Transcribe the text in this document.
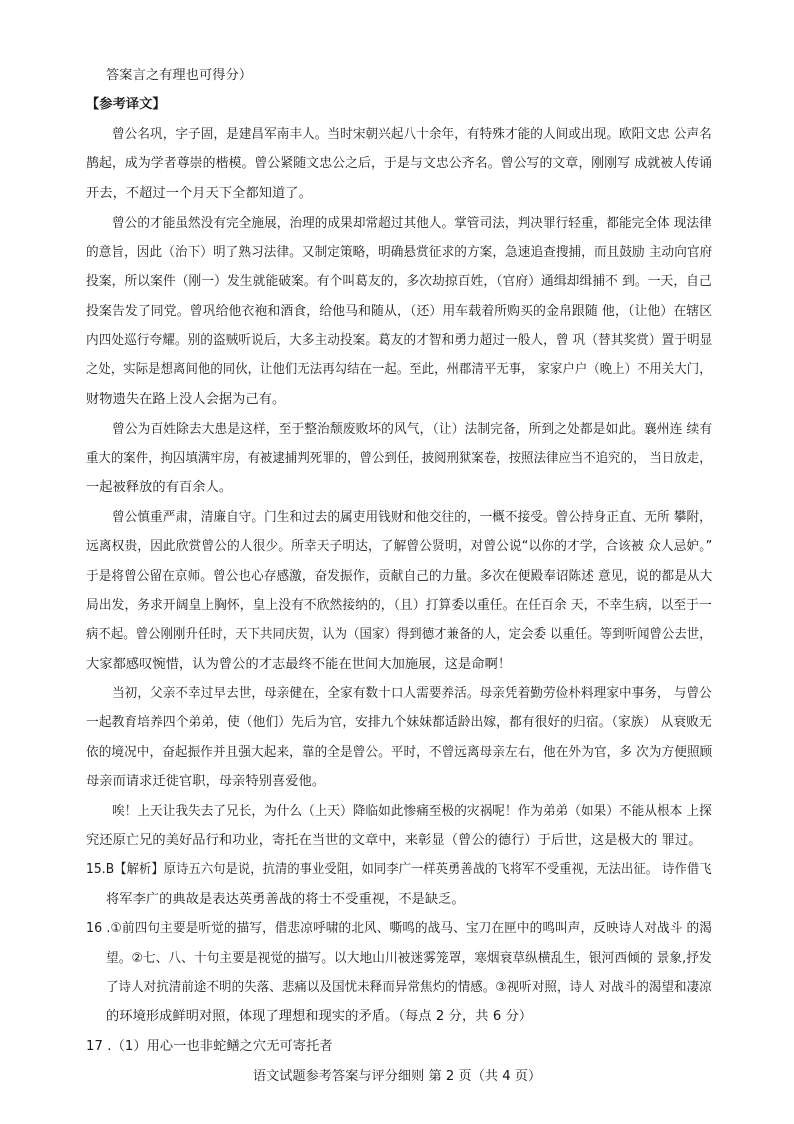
答案言之有理也可得分）
【参考译文】
曾公名巩，字子固，是建昌军南丰人。当时宋朝兴起八十余年，有特殊才能的人间或出现。欧阳文忠 公声名
鹊起，成为学者尊崇的楷模。曾公紧随文忠公之后，于是与文忠公齐名。曾公写的文章，刚刚写 成就被人传诵
开去，不超过一个月天下全都知道了。
曾公的才能虽然没有完全施展，治理的成果却常超过其他人。掌管司法，判决罪行轻重，都能完全体 现法律
的意旨，因此（治下）明了熟习法律。又制定策略，明确悬赏征求的方案，急速追查搜捕，而且鼓励 主动向官府
投案，所以案件（刚一）发生就能破案。有个叫葛友的，多次劫掠百姓，（官府）通缉却缉捕不 到。一天，自己
投案告发了同党。曾巩给他衣袍和酒食，给他马和随从，（还）用车载着所购买的金帛跟随 他，（让他）在辖区
内四处巡行夸耀。别的盗贼听说后，大多主动投案。葛友的才智和勇力超过一般人，曾 巩（替其奖赏）置于明显
之处，实际是想离间他的同伙，让他们无法再勾结在一起。至此，州郡清平无事， 家家户户（晚上）不用关大门，
财物遗失在路上没人会据为己有。
曾公为百姓除去大患是这样，至于整治颓废败坏的风气，（让）法制完备，所到之处都是如此。襄州连 续有
重大的案件，拘囚填满牢房，有被逮捕判死罪的，曾公到任，披阅刑狱案卷，按照法律应当不追究的， 当日放走，
一起被释放的有百余人。
曾公慎重严肃，清廉自守。门生和过去的属吏用钱财和他交往的，一概不接受。曾公持身正直、无所 攀附，
远离权贵，因此欣赏曾公的人很少。所幸天子明达，了解曾公贤明，对曾公说“以你的才学，合该被 众人忌妒。”
于是将曾公留在京师。曾公也心存感激，奋发振作，贡献自己的力量。多次在便殿奉诏陈述 意见，说的都是从大
局出发，务求开阔皇上胸怀，皇上没有不欣然接纳的，（且）打算委以重任。在任百余 天，不幸生病，以至于一
病不起。曾公刚刚升任时，天下共同庆贺，认为（国家）得到德才兼备的人，定会委 以重任。等到听闻曾公去世，
大家都感叹惋惜，认为曾公的才志最终不能在世间大加施展，这是命啊！
当初，父亲不幸过早去世，母亲健在，全家有数十口人需要养活。母亲凭着勤劳俭朴料理家中事务， 与曾公
一起教育培养四个弟弟，使（他们）先后为官，安排九个妹妹都适龄出嫁，都有很好的归宿。（家族） 从衰败无
依的境况中，奋起振作并且强大起来，靠的全是曾公。平时，不曾远离母亲左右，他在外为官，多 次为方便照顾
母亲而请求迁徙官职，母亲特别喜爱他。
唉！上天让我失去了兄长，为什么（上天）降临如此惨痛至极的灾祸呢！作为弟弟（如果）不能从根本 上探
究还原亡兄的美好品行和功业，寄托在当世的文章中，来彰显（曾公的德行）于后世，这是极大的 罪过。
15.B【解析】原诗五六句是说，抗清的事业受阻，如同李广一样英勇善战的飞将军不受重视，无法出征。 诗作借飞
将军李广的典故是表达英勇善战的将士不受重视，不是缺乏。
16 .①前四句主要是听觉的描写，借悲凉呼啸的北风、嘶鸣的战马、宝刀在匣中的鸣叫声，反映诗人对战斗 的渴
望。②七、八、十句主要是视觉的描写。以大地山川被迷雾笼罩，寒烟衰草纵横乱生，银河西倾的 景象,抒发
了诗人对抗清前途不明的失落、悲痛以及国忧未释而异常焦灼的情感。③视听对照，诗人 对战斗的渴望和凄凉
的环境形成鲜明对照，体现了理想和现实的矛盾。（每点 2 分，共 6 分）
17 .（1）用心一也非蛇鳝之穴无可寄托者
语文试题参考答案与评分细则 第 2 页（共 4 页）
